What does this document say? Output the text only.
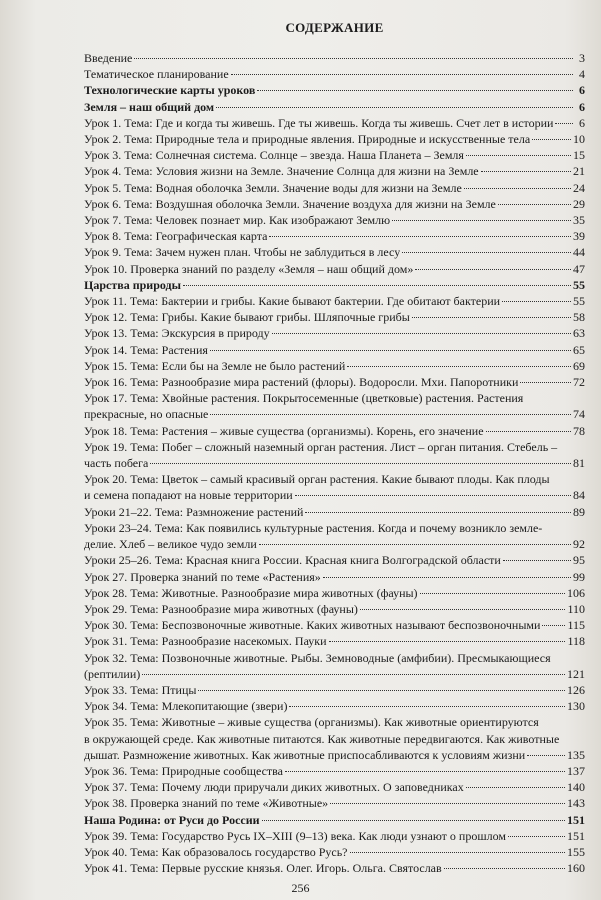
СОДЕРЖАНИЕ
Введение	3
Тематическое планирование	4
Технологические карты уроков	6
Земля – наш общий дом	6
Урок 1. Тема: Где и когда ты живешь. Где ты живешь. Когда ты живешь. Счет лет в истории	6
Урок 2. Тема: Природные тела и природные явления. Природные и искусственные тела	10
Урок 3. Тема: Солнечная система. Солнце – звезда. Наша Планета – Земля	15
Урок 4. Тема: Условия жизни на Земле. Значение Солнца для жизни на Земле	21
Урок 5. Тема: Водная оболочка Земли. Значение воды для жизни на Земле	24
Урок 6. Тема: Воздушная оболочка Земли. Значение воздуха для жизни на Земле	29
Урок 7. Тема: Человек познает мир. Как изображают Землю	35
Урок 8. Тема: Географическая карта	39
Урок 9. Тема: Зачем нужен план. Чтобы не заблудиться в лесу	44
Урок 10. Проверка знаний по разделу «Земля – наш общий дом»	47
Царства природы	55
Урок 11. Тема: Бактерии и грибы. Какие бывают бактерии. Где обитают бактерии	55
Урок 12. Тема: Грибы. Какие бывают грибы. Шляпочные грибы	58
Урок 13. Тема: Экскурсия в природу	63
Урок 14. Тема: Растения	65
Урок 15. Тема: Если бы на Земле не было растений	69
Урок 16. Тема: Разнообразие мира растений (флоры). Водоросли. Мхи. Папоротники	72
Урок 17. Тема: Хвойные растения. Покрытосеменные (цветковые) растения. Растения
прекрасные, но опасные	74
Урок 18. Тема: Растения – живые существа (организмы). Корень, его значение	78
Урок 19. Тема: Побег – сложный наземный орган растения. Лист – орган питания. Стебель –
часть побега	81
Урок 20. Тема: Цветок – самый красивый орган растения. Какие бывают плоды. Как плоды
и семена попадают на новые территории	84
Уроки 21–22. Тема: Размножение растений	89
Уроки 23–24. Тема: Как появились культурные растения. Когда и почему возникло земле-
делие. Хлеб – великое чудо земли	92
Уроки 25–26. Тема: Красная книга России. Красная книга Волгоградской области	95
Урок 27. Проверка знаний по теме «Растения»	99
Урок 28. Тема: Животные. Разнообразие мира животных (фауны)	106
Урок 29. Тема: Разнообразие мира животных (фауны)	110
Урок 30. Тема: Беспозвоночные животные. Каких животных называют беспозвоночными 115
Урок 31. Тема: Разнообразие насекомых. Пауки	118
Урок 32. Тема: Позвоночные животные. Рыбы. Земноводные (амфибии). Пресмыкающиеся
(рептилии)	121
Урок 33. Тема: Птицы	126
Урок 34. Тема: Млекопитающие (звери)	130
Урок 35. Тема: Животные – живые существа (организмы). Как животные ориентируются
в окружающей среде. Как животные питаются. Как животные передвигаются. Как животные
дышат. Размножение животных. Как животные приспосабливаются к условиям жизни	135
Урок 36. Тема: Природные сообщества	137
Урок 37. Тема: Почему люди приручали диких животных. О заповедниках	140
Урок 38. Проверка знаний по теме «Животные»	143
Наша Родина: от Руси до России	151
Урок 39. Тема: Государство Русь IX–XIII (9–13) века. Как люди узнают о прошлом	151
Урок 40. Тема: Как образовалось государство Русь?	155
Урок 41. Тема: Первые русские князья. Олег. Игорь. Ольга. Святослав	160
256
